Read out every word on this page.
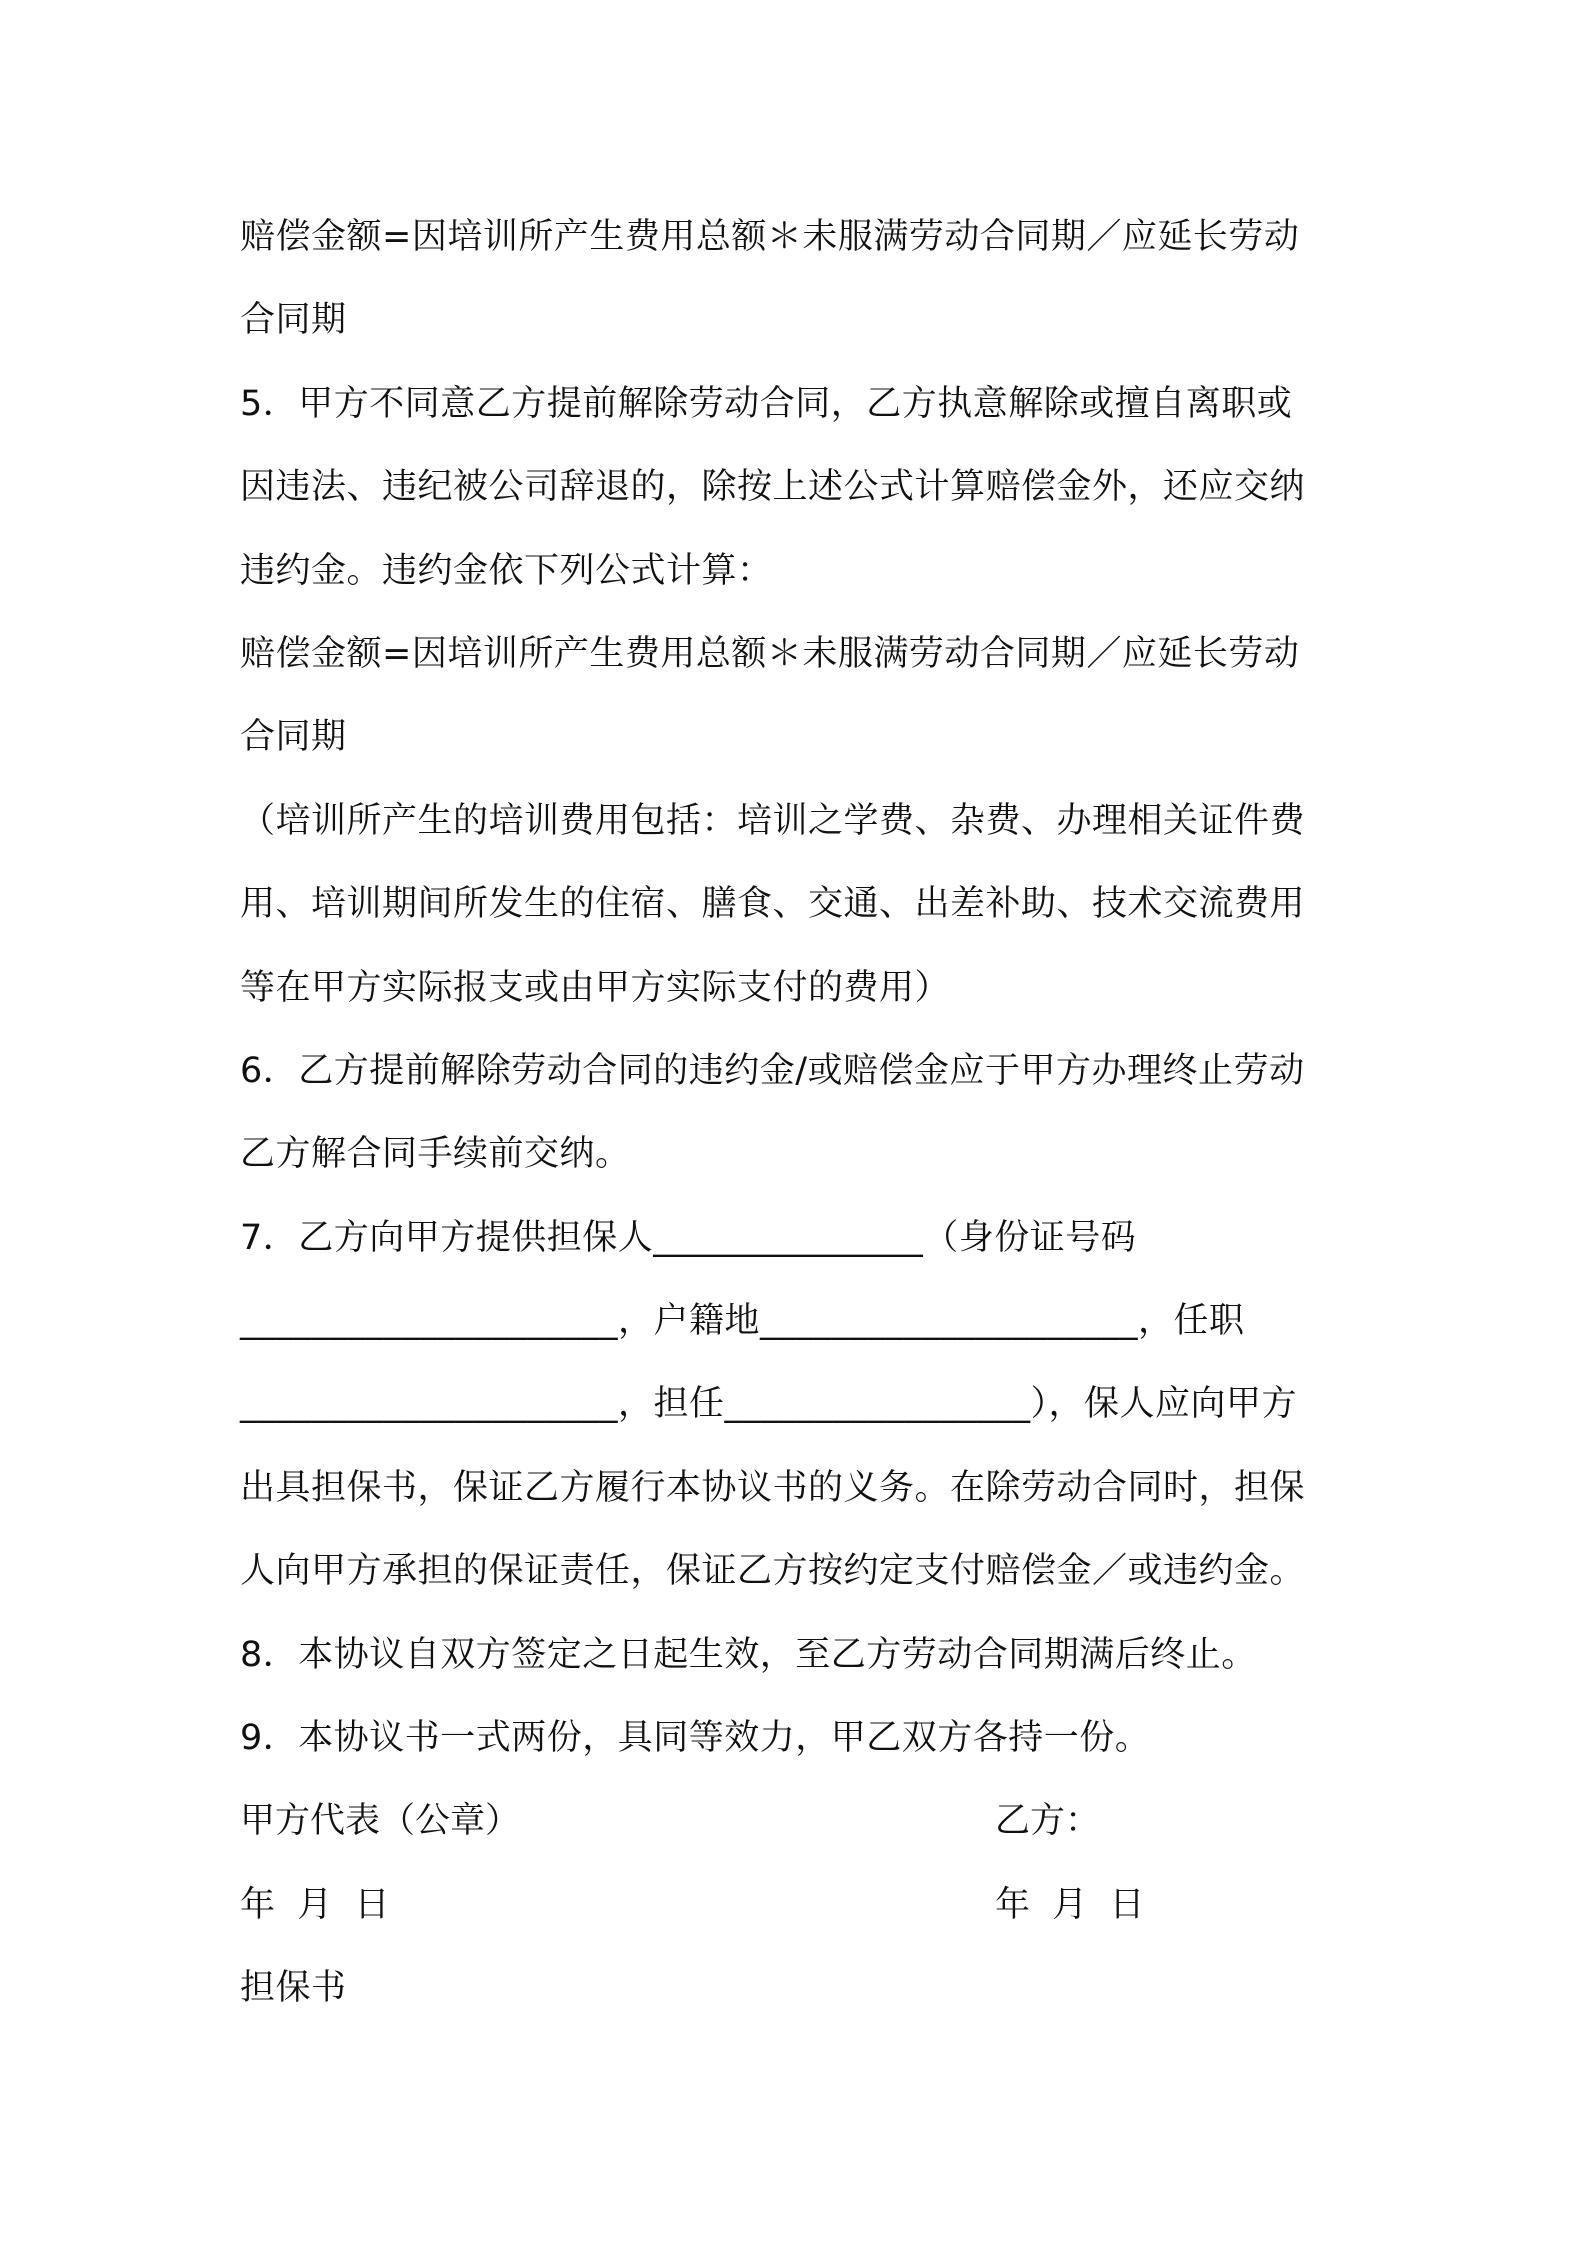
赔偿金额=因培训所产生费用总额＊未服满劳动合同期／应延长劳动
合同期
5．甲方不同意乙方提前解除劳动合同，乙方执意解除或擅自离职或
因违法、违纪被公司辞退的，除按上述公式计算赔偿金外，还应交纳
违约金。违约金依下列公式计算：
赔偿金额=因培训所产生费用总额＊未服满劳动合同期／应延长劳动
合同期
（培训所产生的培训费用包括：培训之学费、杂费、办理相关证件费
用、培训期间所发生的住宿、膳食、交通、出差补助、技术交流费用
等在甲方实际报支或由甲方实际支付的费用）
6．乙方提前解除劳动合同的违约金/或赔偿金应于甲方办理终止劳动
乙方解合同手续前交纳。
7．乙方向甲方提供担保人_______________（身份证号码
_____________________，户籍地_____________________，任职
_____________________，担任_________________），保人应向甲方
出具担保书，保证乙方履行本协议书的义务。在除劳动合同时，担保
人向甲方承担的保证责任，保证乙方按约定支付赔偿金／或违约金。
8．本协议自双方签定之日起生效，至乙方劳动合同期满后终止。
9．本协议书一式两份，具同等效力，甲乙双方各持一份。
甲方代表（公章）	乙方：
年  月  日	年  月  日
担保书
